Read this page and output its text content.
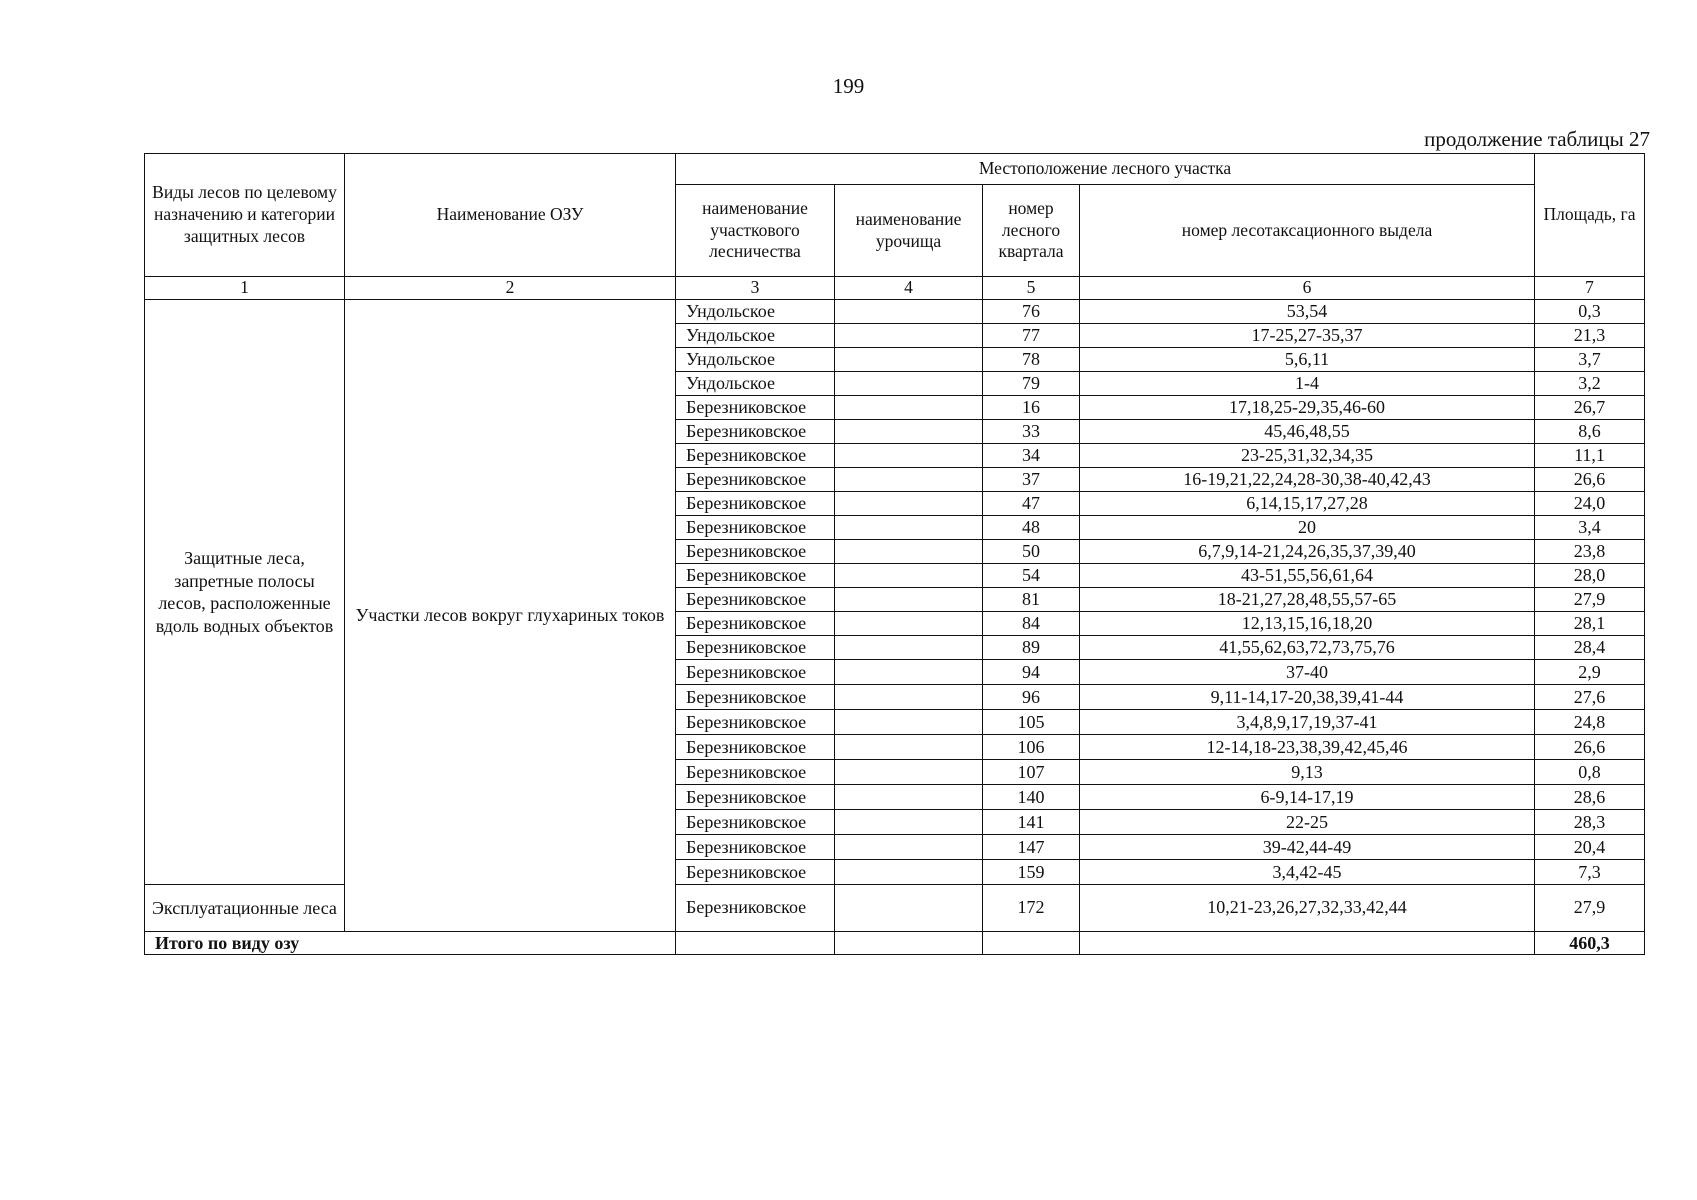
199
продолжение таблицы 27
Виды лесов по целевому назначению и категории защитных лесов	Наименование ОЗУ	Местоположение лесного участка				Площадь, га
		наименование участкового лесничества	наименование урочища	номер лесного квартала	номер лесотаксационного выдела	
1	2	3	4	5	6	7
Защитные леса, запретные полосы лесов, расположенные вдоль водных объектов	Участки лесов вокруг глухариных токов	Ундольское		76	53,54	0,3
		Ундольское		77	17-25,27-35,37	21,3
		Ундольское		78	5,6,11	3,7
		Ундольское		79	1-4	3,2
		Березниковское		16	17,18,25-29,35,46-60	26,7
		Березниковское		33	45,46,48,55	8,6
		Березниковское		34	23-25,31,32,34,35	11,1
		Березниковское		37	16-19,21,22,24,28-30,38-40,42,43	26,6
		Березниковское		47	6,14,15,17,27,28	24,0
		Березниковское		48	20	3,4
		Березниковское		50	6,7,9,14-21,24,26,35,37,39,40	23,8
		Березниковское		54	43-51,55,56,61,64	28,0
		Березниковское		81	18-21,27,28,48,55,57-65	27,9
		Березниковское		84	12,13,15,16,18,20	28,1
		Березниковское		89	41,55,62,63,72,73,75,76	28,4
		Березниковское		94	37-40	2,9
		Березниковское		96	9,11-14,17-20,38,39,41-44	27,6
		Березниковское		105	3,4,8,9,17,19,37-41	24,8
		Березниковское		106	12-14,18-23,38,39,42,45,46	26,6
		Березниковское		107	9,13	0,8
		Березниковское		140	6-9,14-17,19	28,6
		Березниковское		141	22-25	28,3
		Березниковское		147	39-42,44-49	20,4
		Березниковское		159	3,4,42-45	7,3
Эксплуатационные леса		Березниковское		172	10,21-23,26,27,32,33,42,44	27,9
Итого по виду озу						460,3
